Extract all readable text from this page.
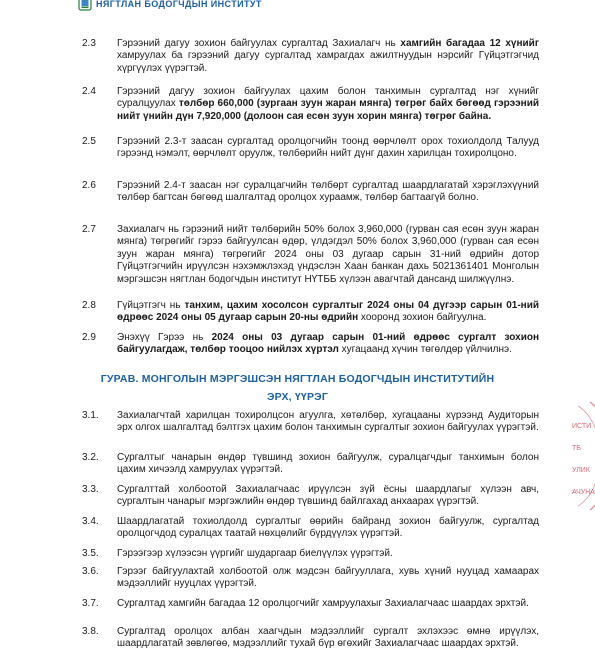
НЯГТЛАН БОДОГЧДЫН ИНСТИТУТ
2.3 Гэрээний дагуу зохион байгуулах сургалтад Захиалагч нь хамгийн багадаа 12 хүнийг хамруулах ба гэрээний дагуу сургалтад хамрагдах ажилтнуудын нэрсийг Гүйцэтгэгчид хүргүүлэх үүрэгтэй.
2.4 Гэрээний дагуу зохион байгуулах цахим болон танхимын сургалтад нэг хүнийг суралцуулах төлбөр 660,000 (зургаан зуун жаран мянга) төгрөг байх бөгөөд гэрээний нийт үнийн дүн 7,920,000 (долоон сая есөн зуун хорин мянга) төгрөг байна.
2.5 Гэрээний 2.3-т заасан сургалтад оролцогчийн тоонд өөрчлөлт орох тохиолдолд Талууд гэрээнд нэмэлт, өөрчлөлт оруулж, төлбөрийн нийт дүнг дахин харилцан тохиролцоно.
2.6 Гэрээний 2.4-т заасан нэг суралцагчийн төлбөрт сургалтад шаардлагатай хэрэглэхүүний төлбөр багтсан бөгөөд шалгалтад оролцох хураамж, төлбөр багтаагүй болно.
2.7 Захиалагч нь гэрээний нийт төлбөрийн 50% болох 3,960,000 (гурван сая есөн зуун жаран мянга) төгрөгийг гэрээ байгуулсан өдөр, үлдэгдэл 50% болох 3,960,000 (гурван сая есөн зуун жаран мянга) төгрөгийг 2024 оны 03 дугаар сарын 31-ний өдрийн дотор Гүйцэтгэгчийн ирүүлсэн нэхэмжлэхэд үндэслэн Хаан банкан дахь 5021361401 Монголын мэргэшсэн нягтлан бодогчдын институт НҮТББ хүлээн авагчтай дансанд шилжүүлнэ.
2.8 Гүйцэтгэгч нь танхим, цахим хосолсон сургалтыг 2024 оны 04 дүгээр сарын 01-ний өдрөөс 2024 оны 05 дугаар сарын 20-ны өдрийн хооронд зохион байгуулна.
2.9 Энэхүү Гэрээ нь 2024 оны 03 дугаар сарын 01-ний өдрөөс сургалт зохион байгуулагдаж, төлбөр тооцоо нийлэх хүртэл хугацаанд хүчин төгөлдөр үйлчилнэ.
ГУРАВ. МОНГОЛЫН МЭРГЭШСЭН НЯГТЛАН БОДОГЧДЫН ИНСТИТУТИЙН
ЭРХ, ҮҮРЭГ
3.1. Захиалагчтай харилцан тохиролцсон агуулга, хөтөлбөр, хугацааны хүрээнд Аудиторын эрх олгох шалгалтад бэлтгэх цахим болон танхимын сургалтыг зохион байгуулах үүрэгтэй.
3.2. Сургалтыг чанарын өндөр түвшинд зохион байгуулж, суралцагчдыг танхимын болон цахим хичээлд хамруулах үүрэгтэй.
3.3. Сургалттай холбоотой Захиалагчаас ирүүлсэн зүй ёсны шаардлагыг хүлээн авч, сургалтын чанарыг мэргэжлийн өндөр түвшинд байлгахад анхаарах үүрэгтэй.
3.4. Шаардлагатай тохиолдолд сургалтыг өөрийн байранд зохион байгуулж, сургалтад оролцогчдод суралцах таатай нөхцөлийг бүрдүүлэх үүрэгтэй.
3.5. Гэрээгээр хүлээсэн үүргийг шударгаар биелүүлэх үүрэгтэй.
3.6. Гэрээг байгуулахтай холбоотой олж мэдсэн байгууллага, хувь хүний нууцад хамаарах мэдээллийг нууцлах үүрэгтэй.
3.7. Сургалтад хамгийн багадаа 12 оролцогчийг хамруулахыг Захиалагчаас шаардах эрхтэй.
3.8. Сургалтад оролцох албан хаагчдын мэдээллийг сургалт эхлэхээс өмнө ирүүлэх, шаардлагатай зөвлөгөө, мэдээллийг тухай бүр өгөхийг Захиалагчаас шаардах эрхтэй.
ИСТИ
ТБ
УЛИК
АЧУНА
